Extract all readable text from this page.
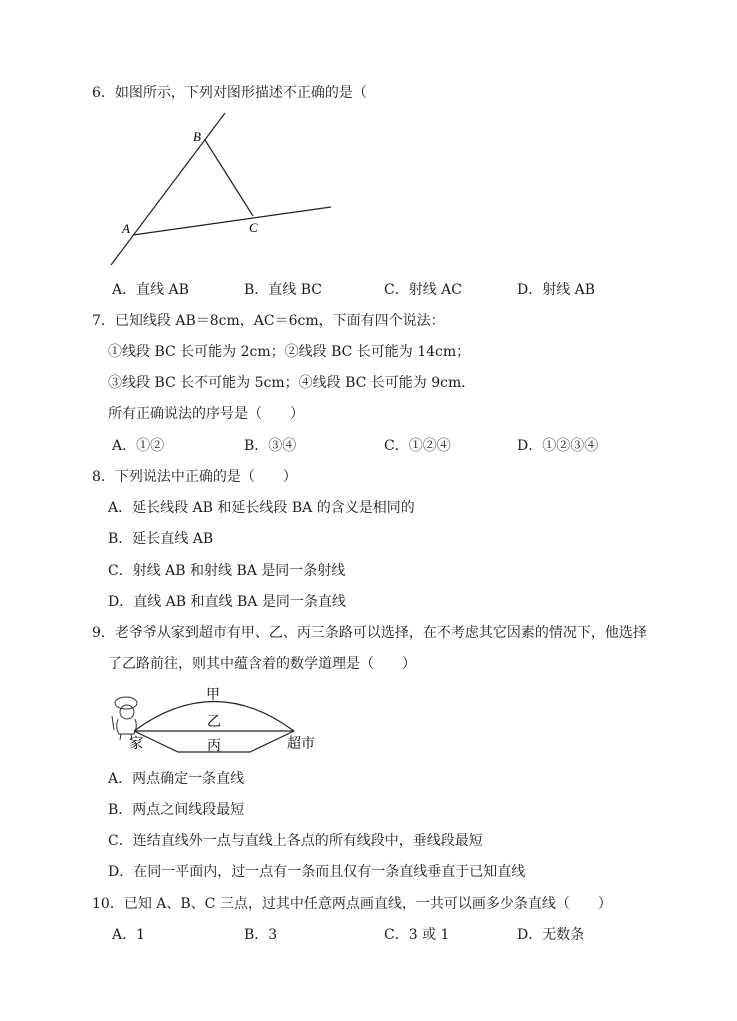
6．如图所示，下列对图形描述不正确的是（
B
A	C
A．直线 AB	B．直线 BC	C．射线 AC	D．射线 AB
7．已知线段 AB＝8cm，AC＝6cm，下面有四个说法：
①线段 BC 长可能为 2cm；②线段 BC 长可能为 14cm；
③线段 BC 长不可能为 5cm；④线段 BC 长可能为 9cm．
所有正确说法的序号是（　　）
A．①②	B．③④	C．①②④	D．①②③④
8．下列说法中正确的是（　　）
A．延长线段 AB 和延长线段 BA 的含义是相同的
B．延长直线 AB
C．射线 AB 和射线 BA 是同一条射线
D．直线 AB 和直线 BA 是同一条直线
9．老爷爷从家到超市有甲、乙、丙三条路可以选择，在不考虑其它因素的情况下，他选择
了乙路前往，则其中蕴含着的数学道理是（　　）
甲
乙
丙
家	超市
A．两点确定一条直线
B．两点之间线段最短
C．连结直线外一点与直线上各点的所有线段中，垂线段最短
D．在同一平面内，过一点有一条而且仅有一条直线垂直于已知直线
10．已知 A、B、C 三点，过其中任意两点画直线，一共可以画多少条直线（　　）
A．1	B．3	C．3 或 1	D．无数条
